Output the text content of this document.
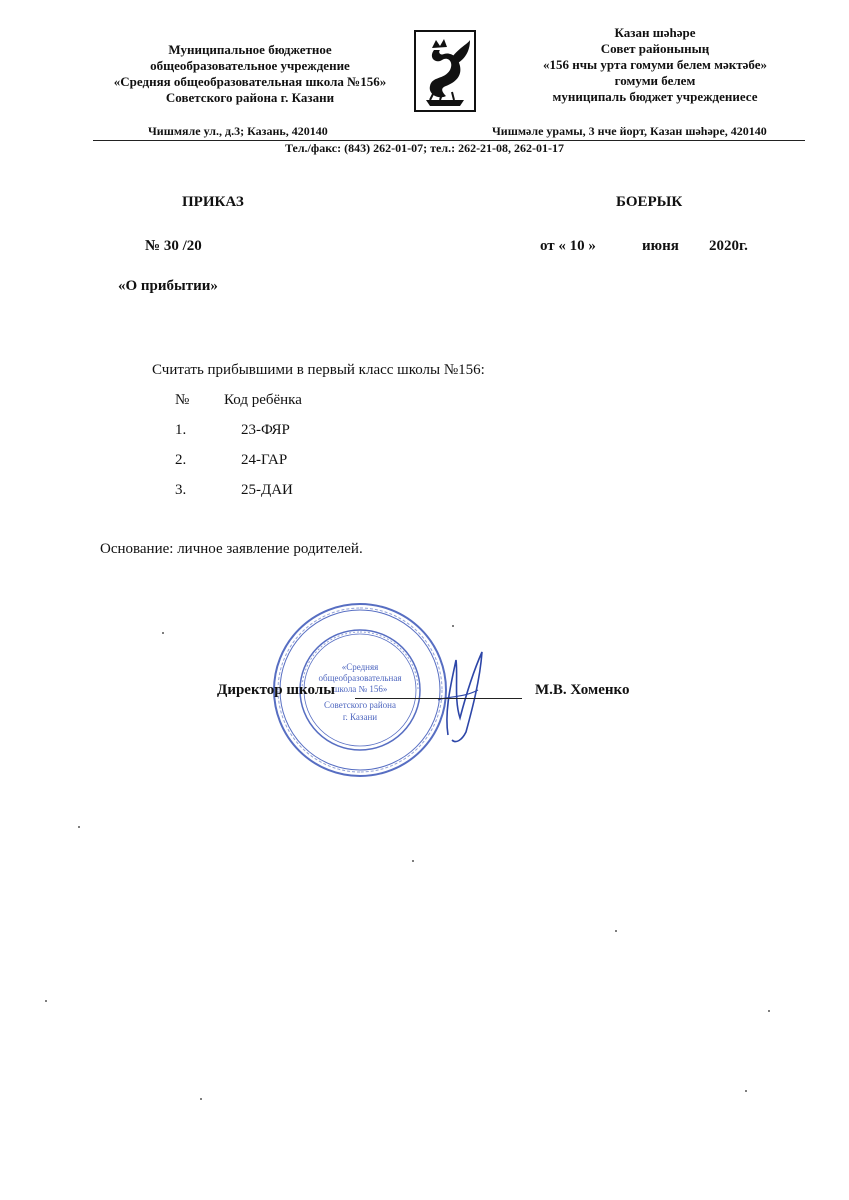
Муниципальное бюджетное
общеобразовательное учреждение
«Средняя общеобразовательная школа №156»
Советского района г. Казани
Казан шәһәре
Совет районының
«156 нчы урта гомуми белем мәктәбе»
гомуми белем
муниципаль бюджет учреждениесе
Чишмяле ул., д.3; Казань, 420140	Чишмәле урамы, 3 нче йорт, Казан шәһәре, 420140
Тел./факс: (843) 262-01-07; тел.: 262-21-08, 262-01-17
ПРИКАЗ	БОЕРЫК
№ 30 /20	от « 10 »	июня 2020г.
«О прибытии»
Считать прибывшими в первый класс школы №156:
№ Код ребёнка
1.	23-ФЯР
2.	24-ГАР
3.	25-ДАИ
Основание: личное заявление родителей.
«Средняя
общеобразовательная
школа № 156»
Советского района
г. Казани
Директор школы	М.В. Хоменко
